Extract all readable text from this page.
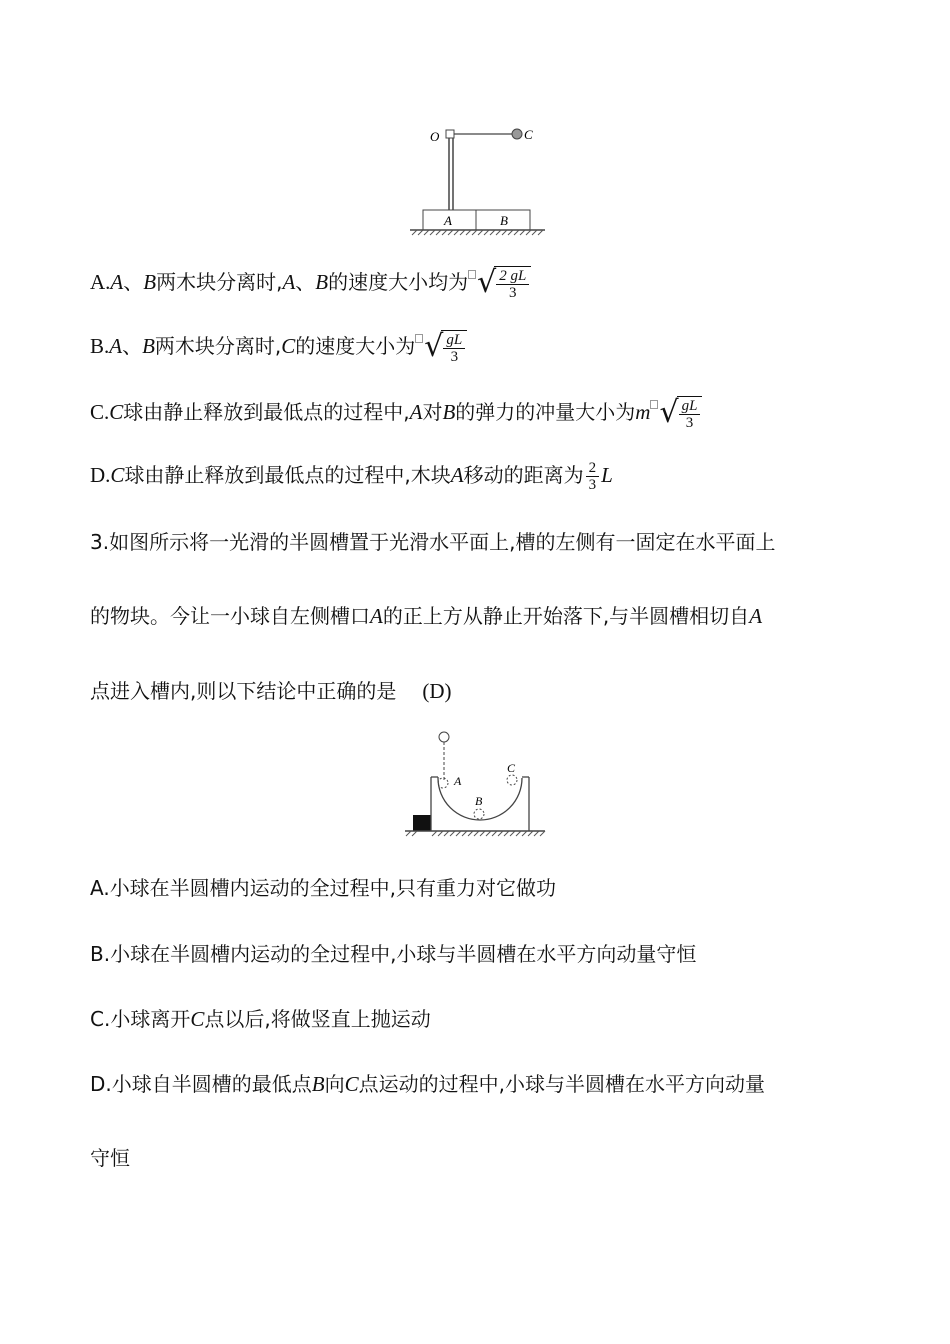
O	C
A	B
A.A、B两木块分离时,A、B的速度大小均为 √ $\frac{2 gL}{3}$
B.A、B两木块分离时,C的速度大小为 √ $\frac{gL}{3}$
C.C球由静止释放到最低点的过程中,A对B的弹力的冲量大小为m √ $\frac{gL}{3}$
D.C球由静止释放到最低点的过程中,木块A移动的距离为 $\frac{2}{3}$ L
3.如图所示将一光滑的半圆槽置于光滑水平面上,槽的左侧有一固定在水平面上
的物块。今让一小球自左侧槽口A的正上方从静止开始落下,与半圆槽相切自A
点进入槽内,则以下结论中正确的是 (D)
A
B
C
A.小球在半圆槽内运动的全过程中,只有重力对它做功
B.小球在半圆槽内运动的全过程中,小球与半圆槽在水平方向动量守恒
C.小球离开C点以后,将做竖直上抛运动
D.小球自半圆槽的最低点B向C点运动的过程中,小球与半圆槽在水平方向动量
守恒
